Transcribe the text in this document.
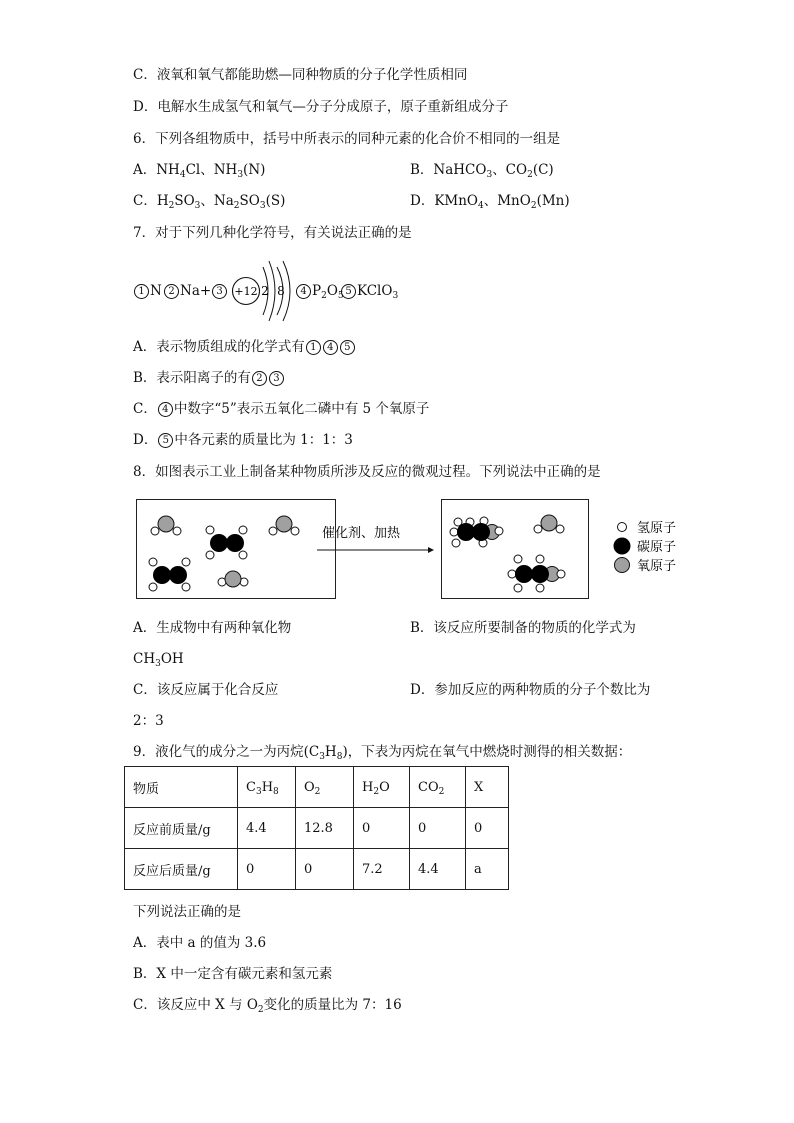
C．液氧和氧气都能助燃—同种物质的分子化学性质相同
D．电解水生成氢气和氧气—分子分成原子，原子重新组成分子
6．下列各组物质中，括号中所表示的同种元素的化合价不相同的一组是
A．$NH_4Cl$、$NH_3(N)$	B．NaHCO$_3$、$CO_2(C)$
C．$H_2SO_3$、$Na_2SO_3(S)$	D．KMnO$_4$、MnO$_2$(Mn)
7．对于下列几种化学符号，有关说法正确的是
1 N 2 Na+ 3	+12 2 8	4 $P_2O_5$ 5 KClO$_3$
A．表示物质组成的化学式有 1 4 5
B．表示阳离子的有 2 3
C． 4 中数字“5”表示五氧化二磷中有 5 个氧原子
D． 5 中各元素的质量比为 1：1：3
8．如图表示工业上制备某种物质所涉及反应的微观过程。下列说法中正确的是
催化剂、加热	氢原子
碳原子
氧原子
A．生成物中有两种氧化物	B．该反应所要制备的物质的化学式为
$CH_3OH$
C．该反应属于化合反应	D．参加反应的两种物质的分子个数比为
2：3
9．液化气的成分之一为丙烷$(C_3H_8)$，下表为丙烷在氧气中燃烧时测得的相关数据：
物质	$C_3H_8$	$O_2$	$H_2O$	$CO_2$	X
反应前质量/g	4.4	12.8	0	0	0
反应后质量/g	0	0	7.2	4.4	a
下列说法正确的是
A．表中 a 的值为 3.6
B．X 中一定含有碳元素和氢元素
C．该反应中 X 与 $O_2$变化的质量比为 7：16
